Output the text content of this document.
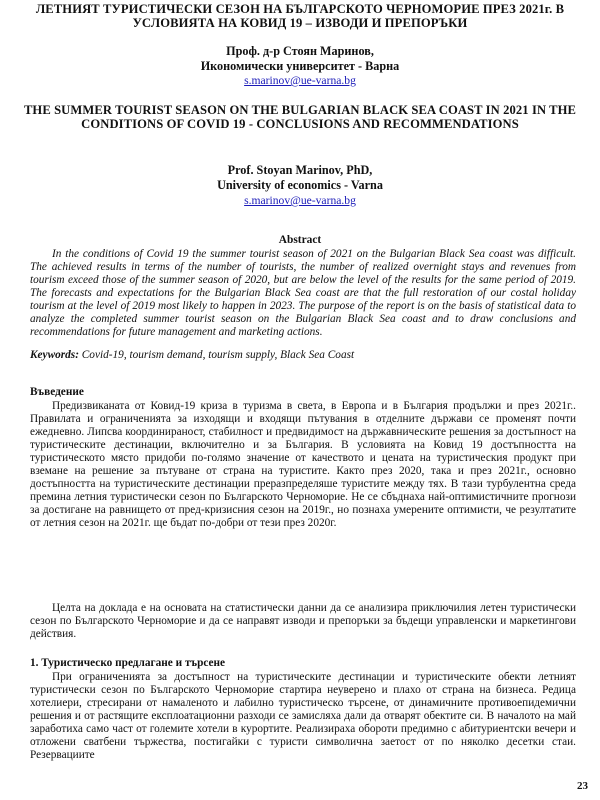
ЛЕТНИЯТ ТУРИСТИЧЕСКИ СЕЗОН НА БЪЛГАРСКОТО ЧЕРНОМОРИЕ ПРЕЗ 2021г. В УСЛОВИЯТА НА КОВИД 19 – ИЗВОДИ И ПРЕПОРЪКИ
Проф. д-р Стоян Маринов,
Икономически университет - Варна
s.marinov@ue-varna.bg
THE SUMMER TOURIST SEASON ON THE BULGARIAN BLACK SEA COAST IN 2021 IN THE CONDITIONS OF COVID 19 - CONCLUSIONS AND RECOMMENDATIONS
Prof. Stoyan Marinov, PhD,
University of economics - Varna
s.marinov@ue-varna.bg
Abstract
In the conditions of Covid 19 the summer tourist season of 2021 on the Bulgarian Black Sea coast was difficult. The achieved results in terms of the number of tourists, the number of realized overnight stays and revenues from tourism exceed those of the summer season of 2020, but are below the level of the results for the same period of 2019. The forecasts and expectations for the Bulgarian Black Sea coast are that the full restoration of our costal holiday tourism at the level of 2019 most likely to happen in 2023. The purpose of the report is on the basis of statistical data to analyze the completed summer tourist season on the Bulgarian Black Sea coast and to draw conclusions and recommendations for future management and marketing actions.
Keywords: Covid-19, tourism demand, tourism supply, Black Sea Coast
Въведение
Предизвиканата от Ковид-19 криза в туризма в света, в Европа и в България продължи и през 2021г.. Правилата и ограниченията за изходящи и входящи пътувания в отделните държави се променят почти ежедневно. Липсва координираност, стабилност и предвидимост на държавническите решения за достъпност на туристическите дестинации, включително и за България. В условията на Ковид 19 достъпността на туристическото място придоби по-голямо значение от качеството и цената на туристическия продукт при вземане на решение за пътуване от страна на туристите. Както през 2020, така и през 2021г., основно достъпността на туристическите дестинации преразпределяше туристите между тях. В тази турбулентна среда премина летния туристически сезон по Българското Черноморие. Не се сбъднаха най-оптимистичните прогнози за достигане на равнището от пред-кризисния сезон на 2019г., но познаха умерените оптимисти, че резултатите от летния сезон на 2021г. ще бъдат по-добри от тези през 2020г.
Целта на доклада е на основата на статистически данни да се анализира приключилия летен туристически сезон по Българското Черноморие и да се направят изводи и препоръки за бъдещи управленски и маркетингови действия.
1. Туристическо предлагане и търсене
При ограниченията за достъпност на туристическите дестинации и туристическите обекти летният туристически сезон по Българското Черноморие стартира неуверено и плахо от страна на бизнеса. Редица хотелиери, стресирани от намаленото и лабилно туристическо търсене, от динамичните противоепидемични решения и от растящите експлоатационни разходи се замисляха дали да отварят обектите си. В началото на май заработиха само част от големите хотели в курортите. Реализираха обороти предимно с абитуриентски вечери и отложени сватбени тържества, постигайки с туристи символична заетост от по няколко десетки стаи. Резервациите
23
